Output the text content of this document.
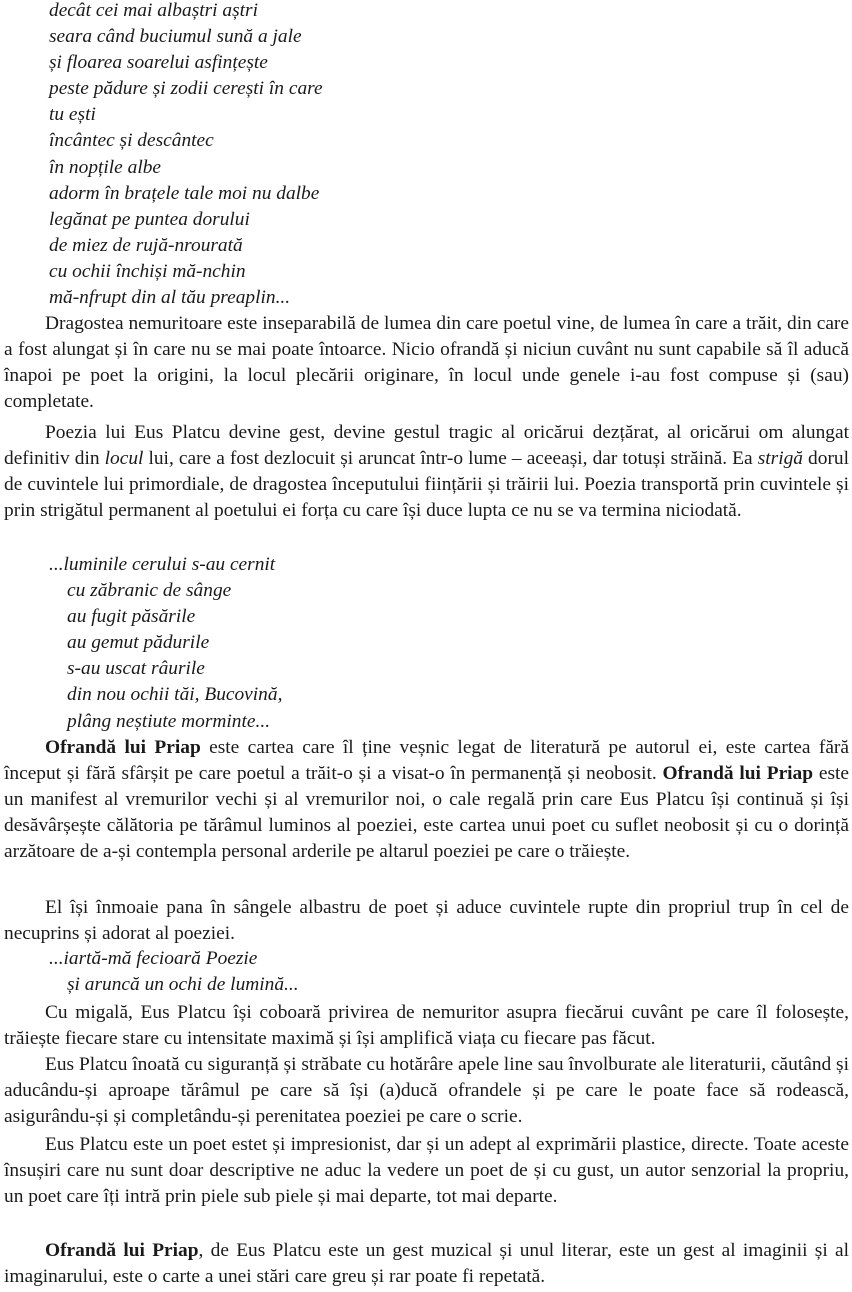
decât cei mai albaștri aștri
seara când buciumul sună a jale
și floarea soarelui asfințește
peste pădure și zodii cerești în care
tu ești
încântec și descântec
în nopțile albe
adorm în brațele tale moi nu dalbe
legănat pe puntea dorului
de miez de rujă-nrourată
cu ochii închiși mă-nchin
mă-nfrupt din al tău preaplin...

Dragostea nemuritoare este inseparabilă de lumea din care poetul vine, de lumea în care a trăit, din care a fost alungat și în care nu se mai poate întoarce. Nicio ofrandă și niciun cuvânt nu sunt capabile să îl aducă înapoi pe poet la origini, la locul plecării originare, în locul unde genele i-au fost compuse și (sau) completate.

Poezia lui Eus Platcu devine gest, devine gestul tragic al oricărui dezțărat, al oricărui om alungat definitiv din locul lui, care a fost dezlocuit și aruncat într-o lume – aceeași, dar totuși străină. Ea strigă dorul de cuvintele lui primordiale, de dragostea începutului ființării și trăirii lui. Poezia transportă prin cuvintele și prin strigătul permanent al poetului ei forța cu care își duce lupta ce nu se va termina niciodată.

...luminile cerului s-au cernit
cu zăbranic de sânge
au fugit păsările
au gemut pădurile
s-au uscat râurile
din nou ochii tăi, Bucovină,
plâng neștiute morminte...

Ofrandă lui Priap este cartea care îl ține veșnic legat de literatură pe autorul ei, este cartea fără început și fără sfârșit pe care poetul a trăit-o și a visat-o în permanență și neobosit. Ofrandă lui Priap este un manifest al vremurilor vechi și al vremurilor noi, o cale regală prin care Eus Platcu își continuă și își desăvârșește călătoria pe tărâmul luminos al poeziei, este cartea unui poet cu suflet neobosit și cu o dorință arzătoare de a-și contempla personal arderile pe altarul poeziei pe care o trăiește.

El își înmoaie pana în sângele albastru de poet și aduce cuvintele rupte din propriul trup în cel de necuprins și adorat al poeziei.

...iartă-mă fecioară Poezie
și aruncă un ochi de lumină...

Cu migală, Eus Platcu își coboară privirea de nemuritor asupra fiecărui cuvânt pe care îl folosește, trăiește fiecare stare cu intensitate maximă și își amplifică viața cu fiecare pas făcut.

Eus Platcu înoată cu siguranță și străbate cu hotărâre apele line sau învolburate ale literaturii, căutând și aducându-și aproape tărâmul pe care să își (a)ducă ofrandele și pe care le poate face să rodească, asigurându-și și completându-și perenitatea poeziei pe care o scrie.

Eus Platcu este un poet estet și impresionist, dar și un adept al exprimării plastice, directe. Toate aceste însușiri care nu sunt doar descriptive ne aduc la vedere un poet de și cu gust, un autor senzorial la propriu, un poet care îți intră prin piele sub piele și mai departe, tot mai departe.

Ofrandă lui Priap, de Eus Platcu este un gest muzical și unul literar, este un gest al imaginii și al imaginarului, este o carte a unei stări care greu și rar poate fi repetată.
